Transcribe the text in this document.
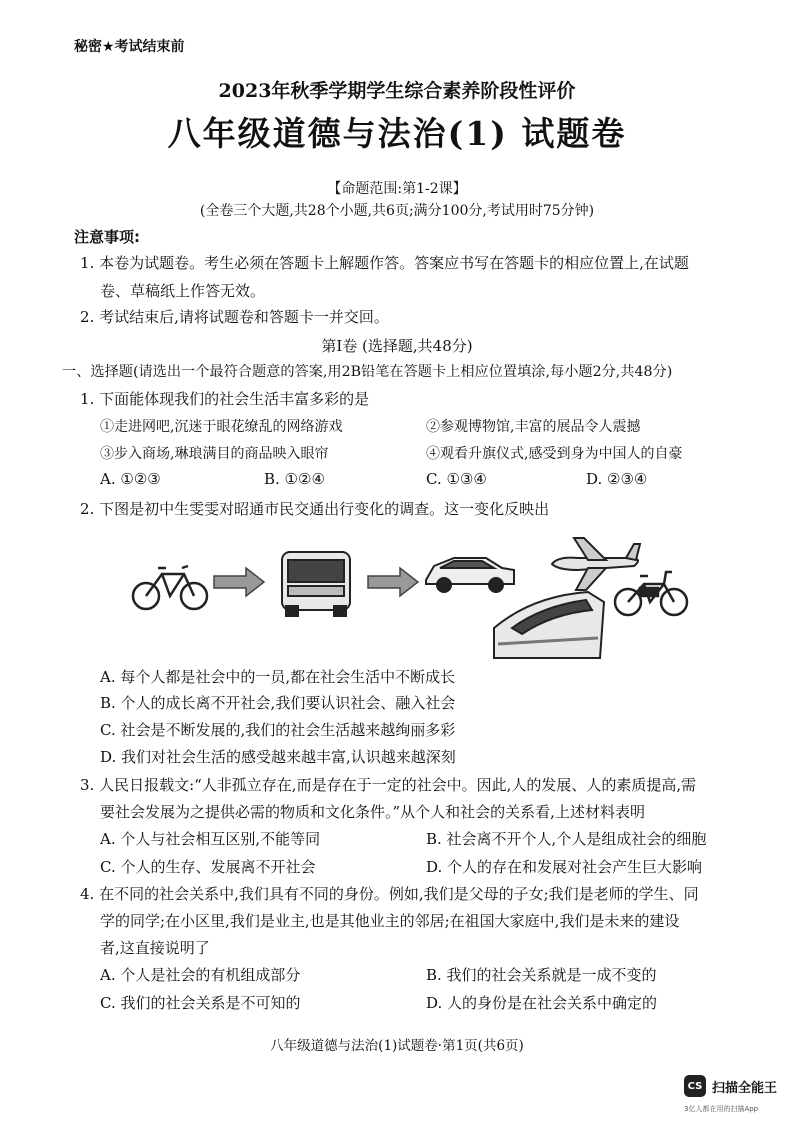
秘密★考试结束前
2023年秋季学期学生综合素养阶段性评价
八年级道德与法治(1) 试题卷
【命题范围:第1-2课】
(全卷三个大题,共28个小题,共6页;满分100分,考试用时75分钟)
注意事项:
1. 本卷为试题卷。考生必须在答题卡上解题作答。答案应书写在答题卡的相应位置上,在试题
卷、草稿纸上作答无效。
2. 考试结束后,请将试题卷和答题卡一并交回。
第Ⅰ卷 (选择题,共48分)
一、选择题(请选出一个最符合题意的答案,用2B铅笔在答题卡上相应位置填涂,每小题2分,共48分)
1. 下面能体现我们的社会生活丰富多彩的是
①走进网吧,沉迷于眼花缭乱的网络游戏	②参观博物馆,丰富的展品令人震撼
③步入商场,琳琅满目的商品映入眼帘	④观看升旗仪式,感受到身为中国人的自豪
A. ①②③	B. ①②④	C. ①③④	D. ②③④
2. 下图是初中生雯雯对昭通市民交通出行变化的调查。这一变化反映出
A. 每个人都是社会中的一员,都在社会生活中不断成长
B. 个人的成长离不开社会,我们要认识社会、融入社会
C. 社会是不断发展的,我们的社会生活越来越绚丽多彩
D. 我们对社会生活的感受越来越丰富,认识越来越深刻
3. 人民日报载文:“人非孤立存在,而是存在于一定的社会中。因此,人的发展、人的素质提高,需
要社会发展为之提供必需的物质和文化条件。”从个人和社会的关系看,上述材料表明
A. 个人与社会相互区别,不能等同	B. 社会离不开个人,个人是组成社会的细胞
C. 个人的生存、发展离不开社会	D. 个人的存在和发展对社会产生巨大影响
4. 在不同的社会关系中,我们具有不同的身份。例如,我们是父母的子女;我们是老师的学生、同
学的同学;在小区里,我们是业主,也是其他业主的邻居;在祖国大家庭中,我们是未来的建设
者,这直接说明了
A. 个人是社会的有机组成部分	B. 我们的社会关系就是一成不变的
C. 我们的社会关系是不可知的	D. 人的身份是在社会关系中确定的
八年级道德与法治(1)试题卷·第1页(共6页)
CS 扫描全能王
3亿人都在用的扫描App
